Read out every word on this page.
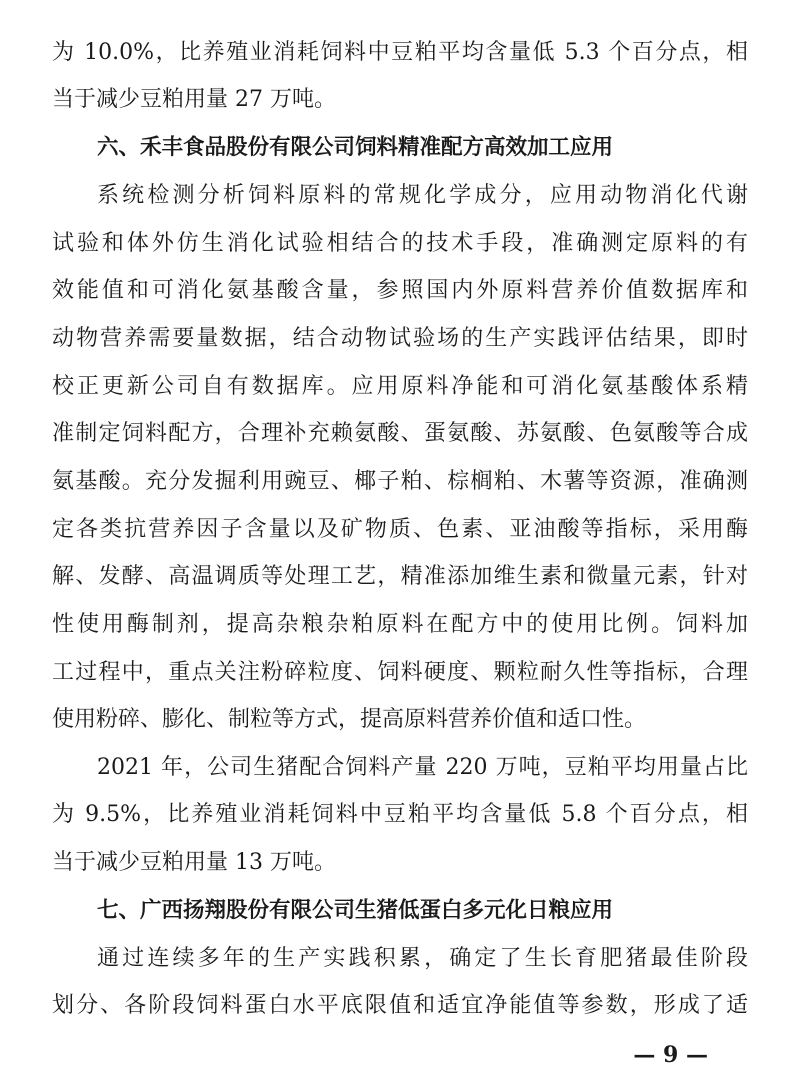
为 10.0%，比养殖业消耗饲料中豆粕平均含量低 5.3 个百分点，相
当于减少豆粕用量 27 万吨。
六、禾丰食品股份有限公司饲料精准配方高效加工应用
系统检测分析饲料原料的常规化学成分，应用动物消化代谢
试验和体外仿生消化试验相结合的技术手段，准确测定原料的有
效能值和可消化氨基酸含量，参照国内外原料营养价值数据库和
动物营养需要量数据，结合动物试验场的生产实践评估结果，即时
校正更新公司自有数据库。应用原料净能和可消化氨基酸体系精
准制定饲料配方，合理补充赖氨酸、蛋氨酸、苏氨酸、色氨酸等合成
氨基酸。充分发掘利用豌豆、椰子粕、棕榈粕、木薯等资源，准确测
定各类抗营养因子含量以及矿物质、色素、亚油酸等指标，采用酶
解、发酵、高温调质等处理工艺，精准添加维生素和微量元素，针对
性使用酶制剂，提高杂粮杂粕原料在配方中的使用比例。饲料加
工过程中，重点关注粉碎粒度、饲料硬度、颗粒耐久性等指标，合理
使用粉碎、膨化、制粒等方式，提高原料营养价值和适口性。
2021 年，公司生猪配合饲料产量 220 万吨，豆粕平均用量占比
为 9.5%，比养殖业消耗饲料中豆粕平均含量低 5.8 个百分点，相
当于减少豆粕用量 13 万吨。
七、广西扬翔股份有限公司生猪低蛋白多元化日粮应用
通过连续多年的生产实践积累，确定了生长育肥猪最佳阶段
划分、各阶段饲料蛋白水平底限值和适宜净能值等参数，形成了适
— 9 —
